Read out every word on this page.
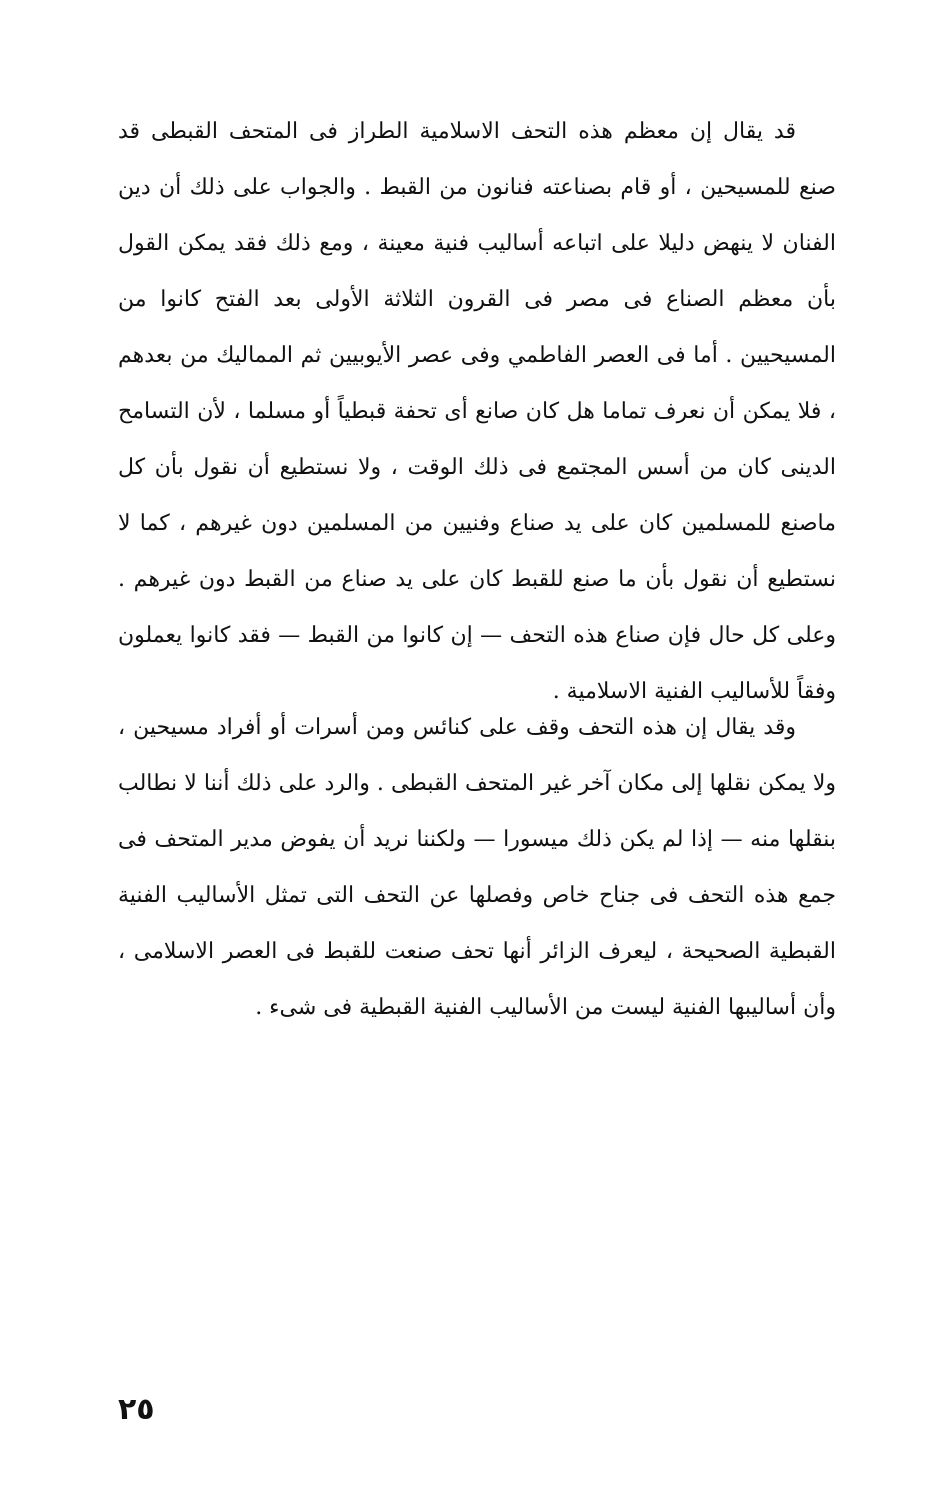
قد يقال إن معظم هذه التحف الاسلامية الطراز فى المتحف القبطى قد صنع للمسيحين ، أو قام بصناعته فنانون من القبط . والجواب على ذلك أن دين الفنان لا ينهض دليلا على اتباعه أساليب فنية معينة ، ومع ذلك فقد يمكن القول بأن معظم الصناع فى مصر فى القرون الثلاثة الأولى بعد الفتح كانوا من المسيحيين . أما فى العصر الفاطمي وفى عصر الأيوبيين ثم المماليك من بعدهم ، فلا يمكن أن نعرف تماما هل كان صانع أى تحفة قبطياً أو مسلما ، لأن التسامح الدينى كان من أسس المجتمع فى ذلك الوقت ، ولا نستطيع أن نقول بأن كل ماصنع للمسلمين كان على يد صناع وفنيين من المسلمين دون غيرهم ، كما لا نستطيع أن نقول بأن ما صنع للقبط كان على يد صناع من القبط دون غيرهم . وعلى كل حال فإن صناع هذه التحف — إن كانوا من القبط — فقد كانوا يعملون وفقاً للأساليب الفنية الاسلامية .

وقد يقال إن هذه التحف وقف على كنائس ومن أسرات أو أفراد مسيحين ، ولا يمكن نقلها إلى مكان آخر غير المتحف القبطى . والرد على ذلك أننا لا نطالب بنقلها منه — إذا لم يكن ذلك ميسورا — ولكننا نريد أن يفوض مدير المتحف فى جمع هذه التحف فى جناح خاص وفصلها عن التحف التى تمثل الأساليب الفنية القبطية الصحيحة ، ليعرف الزائر أنها تحف صنعت للقبط فى العصر الاسلامى ، وأن أساليبها الفنية ليست من الأساليب الفنية القبطية فى شىء .

٢٥
